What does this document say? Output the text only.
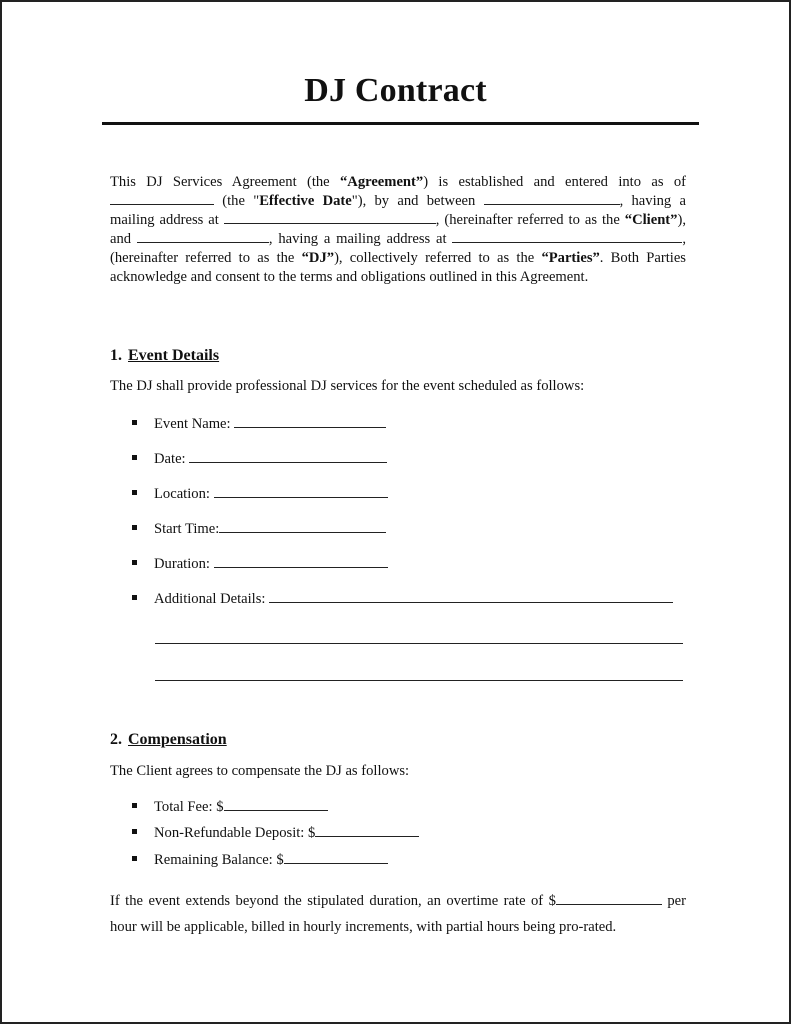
DJ Contract
This DJ Services Agreement (the “Agreement”) is established and entered into as of  (the "Effective Date"), by and between	, having a mailing address at	, (hereinafter referred to as the “Client”), and	, having a mailing address at	, (hereinafter referred to as the “DJ”), collectively referred to as the “Parties”. Both Parties acknowledge and consent to the terms and obligations outlined in this Agreement.
1. Event Details
The DJ shall provide professional DJ services for the event scheduled as follows:
Event Name:
Date:
Location:
Start Time:
Duration:
Additional Details:
2. Compensation
The Client agrees to compensate the DJ as follows:
Total Fee: $
Non-Refundable Deposit: $
Remaining Balance: $
If the event extends beyond the stipulated duration, an overtime rate of $	per hour will be applicable, billed in hourly increments, with partial hours being pro-rated.
